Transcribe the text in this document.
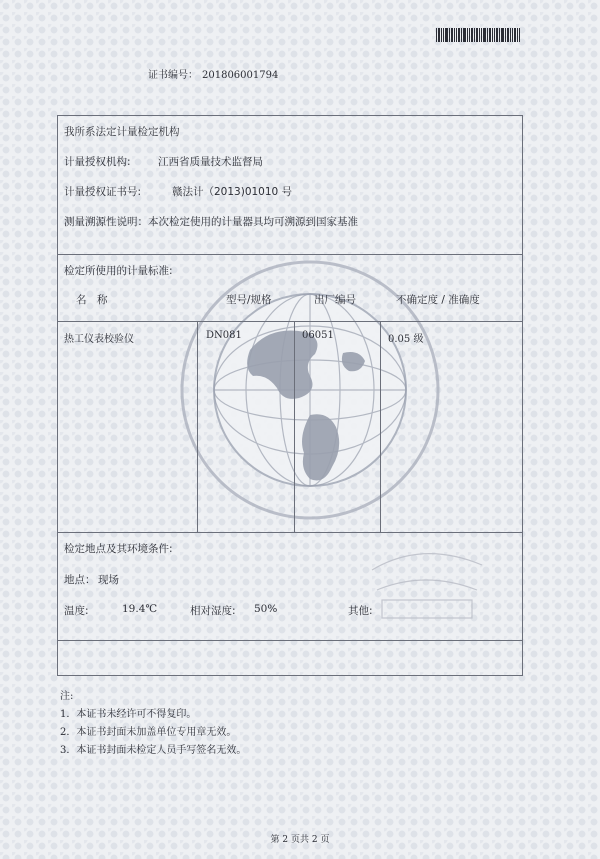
证书编号： 201806001794
我所系法定计量检定机构
计量授权机构:	江西省质量技术监督局
计量授权证书号:	赣法计（2013)01010 号
测量溯源性说明：本次检定使用的计量器具均可溯源到国家基准
检定所使用的计量标准:
名　称	型号/规格	出厂编号	不确定度 / 准确度
热工仪表校验仪	DN081	06051	0.05 级
检定地点及其环境条件:
地点： 现场
温度:	19.4℃	相对湿度: 50%	其他:
注:
1．本证书未经许可不得复印。
2．本证书封面未加盖单位专用章无效。
3．本证书封面未检定人员手写签名无效。
第 2 页共 2 页
